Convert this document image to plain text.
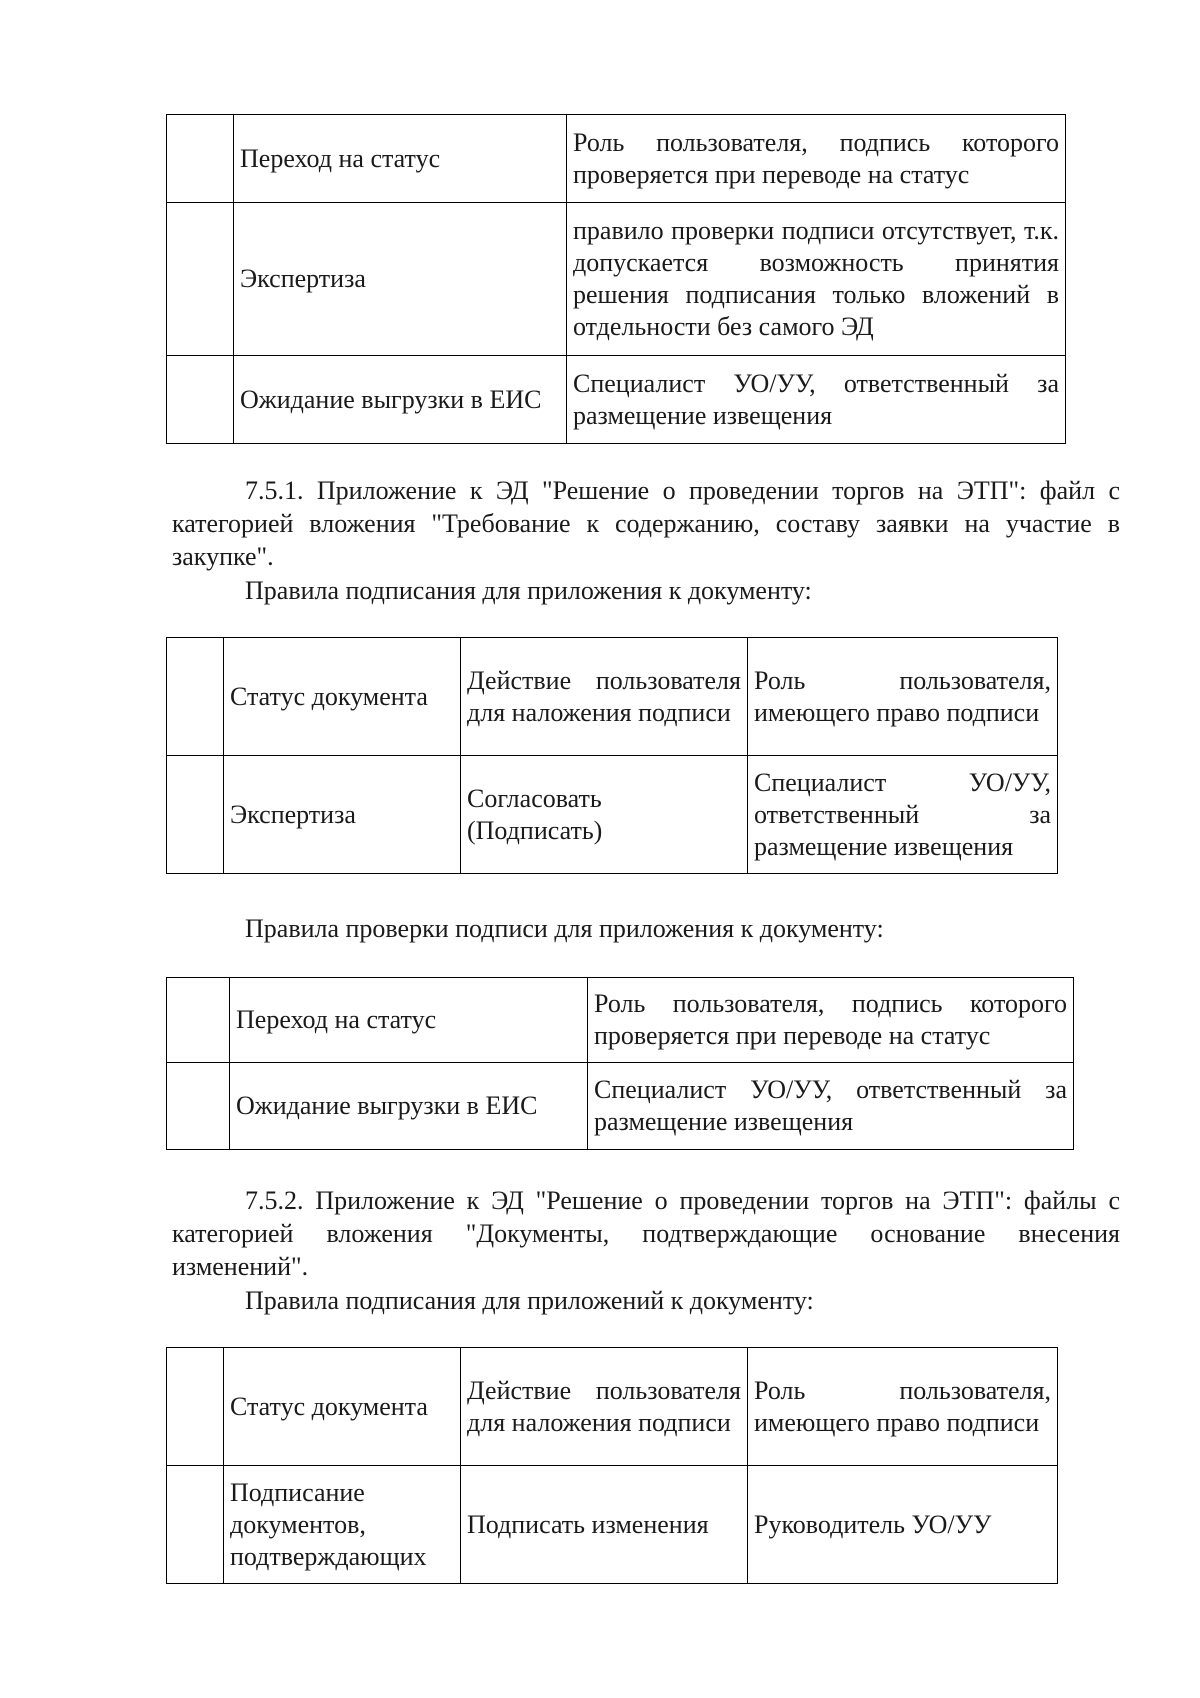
	Переход на статус	Роль пользователя, подпись которого проверяется при переводе на статус
	Экспертиза	правило проверки подписи отсутствует, т.к. допускается возможность принятия решения подписания только вложений в отдельности без самого ЭД
	Ожидание выгрузки в ЕИС	Специалист УО/УУ, ответственный за размещение извещения

7.5.1. Приложение к ЭД "Решение о проведении торгов на ЭТП": файл с категорией вложения "Требование к содержанию, составу заявки на участие в закупке".

Правила подписания для приложения к документу:

	Статус документа	Действие пользователя для наложения подписи	Роль пользователя, имеющего право подписи
	Экспертиза	Согласовать (Подписать)	Специалист УО/УУ, ответственный за размещение извещения

Правила проверки подписи для приложения к документу:

	Переход на статус	Роль пользователя, подпись которого проверяется при переводе на статус
	Ожидание выгрузки в ЕИС	Специалист УО/УУ, ответственный за размещение извещения

7.5.2. Приложение к ЭД "Решение о проведении торгов на ЭТП": файлы с категорией вложения "Документы, подтверждающие основание внесения изменений".

Правила подписания для приложений к документу:

	Статус документа	Действие пользователя для наложения подписи	Роль пользователя, имеющего право подписи
	Подписание документов, подтверждающих	Подписать изменения	Руководитель УО/УУ
